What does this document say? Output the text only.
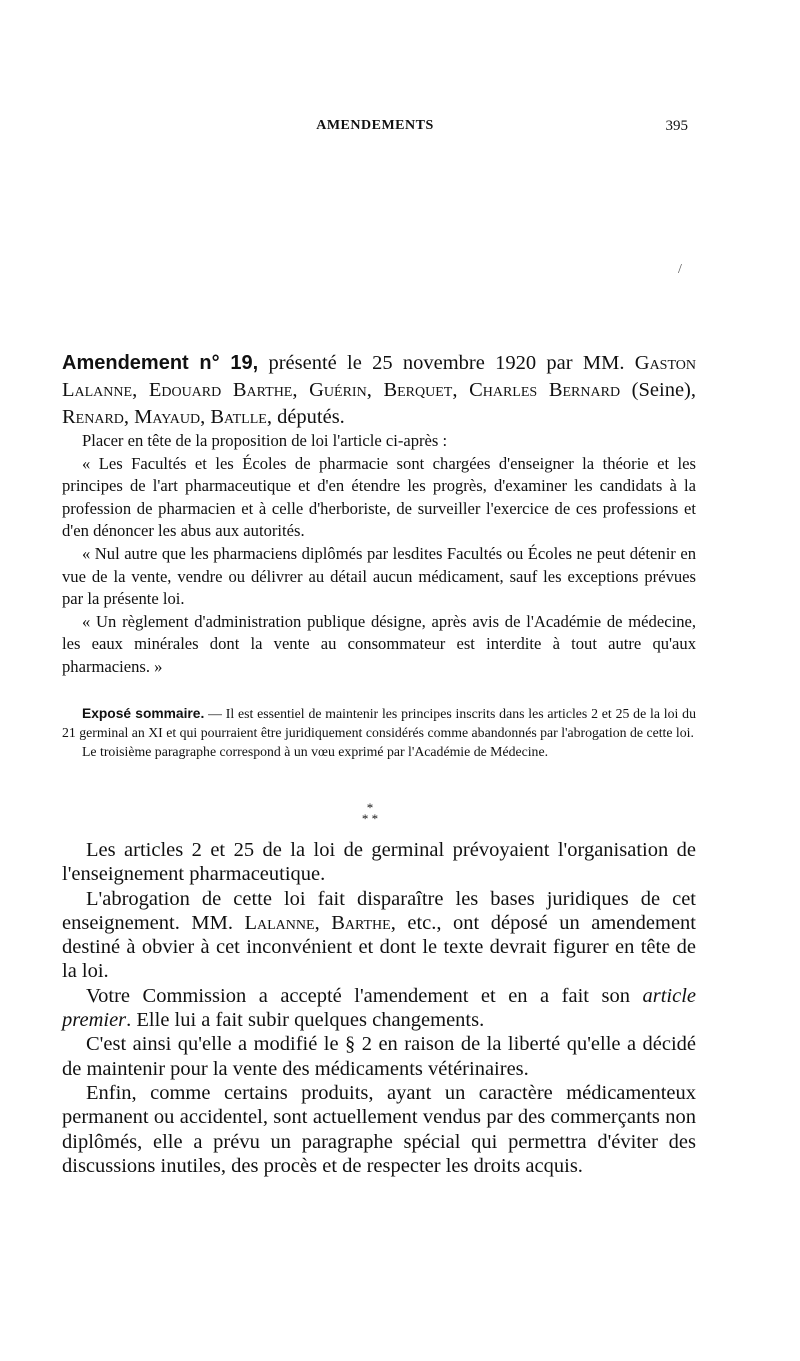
AMENDEMENTS	395
/
Amendement n° 19, présenté le 25 novembre 1920 par MM. Gaston Lalanne, Edouard Barthe, Guérin, Berquet, Charles Bernard (Seine), Renard, Mayaud, Batlle, députés.

Placer en tête de la proposition de loi l'article ci-après :

« Les Facultés et les Écoles de pharmacie sont chargées d'enseigner la théorie et les principes de l'art pharmaceutique et d'en étendre les progrès, d'examiner les candidats à la profession de pharmacien et à celle d'herboriste, de surveiller l'exercice de ces professions et d'en dénoncer les abus aux autorités.

« Nul autre que les pharmaciens diplômés par lesdites Facultés ou Écoles ne peut détenir en vue de la vente, vendre ou délivrer au détail aucun médicament, sauf les exceptions prévues par la présente loi.

« Un règlement d'administration publique désigne, après avis de l'Académie de médecine, les eaux minérales dont la vente au consommateur est interdite à tout autre qu'aux pharmaciens. »

Exposé sommaire. — Il est essentiel de maintenir les principes inscrits dans les articles 2 et 25 de la loi du 21 germinal an XI et qui pourraient être juridiquement considérés comme abandonnés par l'abrogation de cette loi.

Le troisième paragraphe correspond à un vœu exprimé par l'Académie de Médecine.

*
* *

Les articles 2 et 25 de la loi de germinal prévoyaient l'organisation de l'enseignement pharmaceutique.

L'abrogation de cette loi fait disparaître les bases juridiques de cet enseignement. MM. Lalanne, Barthe, etc., ont déposé un amendement destiné à obvier à cet inconvénient et dont le texte devrait figurer en tête de la loi.

Votre Commission a accepté l'amendement et en a fait son article premier. Elle lui a fait subir quelques changements.

C'est ainsi qu'elle a modifié le § 2 en raison de la liberté qu'elle a décidé de maintenir pour la vente des médicaments vétérinaires.

Enfin, comme certains produits, ayant un caractère médicamenteux permanent ou accidentel, sont actuellement vendus par des commerçants non diplômés, elle a prévu un paragraphe spécial qui permettra d'éviter des discussions inutiles, des procès et de respecter les droits acquis.
